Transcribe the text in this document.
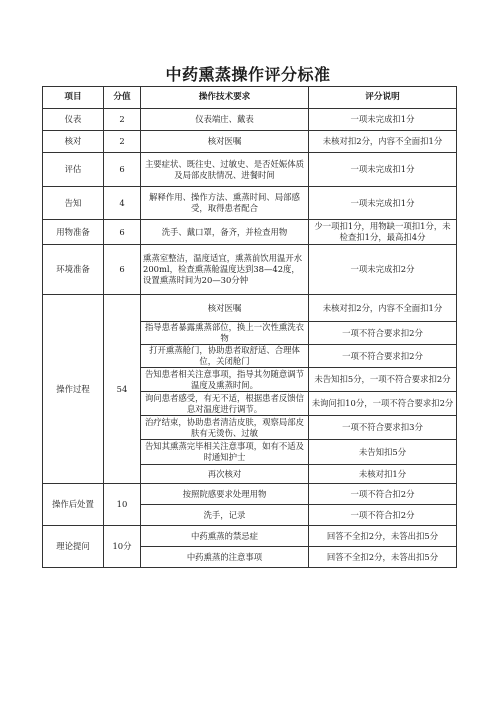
中药熏蒸操作评分标准
项目	分值	操作技术要求	评分说明
仪表	2	仪表端庄、戴表	一项未完成扣1分
核对	2	核对医嘱	未核对扣2分，内容不全面扣1分
评估	6	主要症状、既往史、过敏史、是否妊娠体质及局部皮肤情况、进餐时间	一项未完成扣1分
告知	4	解释作用、操作方法、熏蒸时间、局部感受，取得患者配合	一项未完成扣1分
用物准备	6	洗手、戴口罩，备齐，并检查用物	少一项扣1分，用物缺一项扣1分，未检查扣1分，最高扣4分
环境准备	6	熏蒸室整洁，温度适宜，熏蒸前饮用温开水200ml，检查熏蒸舱温度达到38—42度，设置熏蒸时间为20—30分钟	一项未完成扣2分
操作过程	54	核对医嘱	未核对扣2分，内容不全面扣1分
		指导患者暴露熏蒸部位，换上一次性熏洗衣物	一项不符合要求扣2分
		打开熏蒸舱门，协助患者取舒适、合理体位，关闭舱门	一项不符合要求扣2分
		告知患者相关注意事项，指导其勿随意调节温度及熏蒸时间。	未告知扣5分，一项不符合要求扣2分
		询问患者感受，有无不适，根据患者反馈信息对温度进行调节。	未询问扣10分，一项不符合要求扣2分
		治疗结束，协助患者清洁皮肤，观察局部皮肤有无烫伤、过敏	一项不符合要求扣3分
		告知其熏蒸完毕相关注意事项，如有不适及时通知护士	未告知扣5分
		再次核对	未核对扣1分
操作后处置	10	按照院感要求处理用物	一项不符合扣2分
		洗手，记录	一项不符合扣2分
理论提问	10分	中药熏蒸的禁忌症	回答不全扣2分，未答出扣5分
		中药熏蒸的注意事项	回答不全扣2分，未答出扣5分
